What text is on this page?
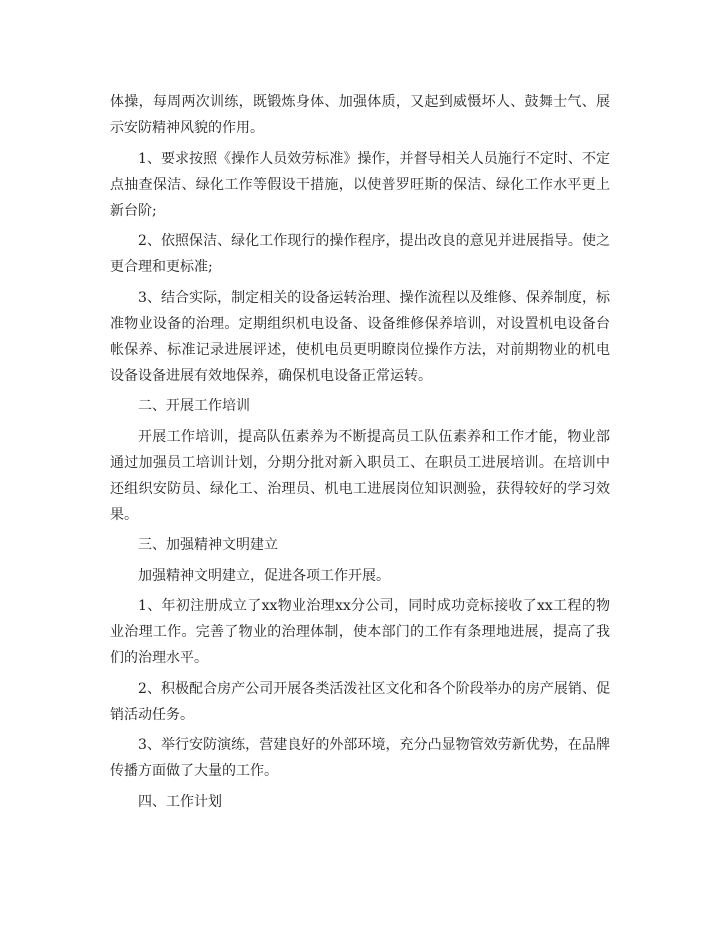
体操，每周两次训练，既锻炼身体、加强体质，又起到威慑坏人、鼓舞士气、展示安防精神风貌的作用。

1、要求按照《操作人员效劳标准》操作，并督导相关人员施行不定时、不定点抽查保洁、绿化工作等假设干措施，以使普罗旺斯的保洁、绿化工作水平更上新台阶;

2、依照保洁、绿化工作现行的操作程序，提出改良的意见并进展指导。使之更合理和更标准;

3、结合实际，制定相关的设备运转治理、操作流程以及维修、保养制度，标准物业设备的治理。定期组织机电设备、设备维修保养培训，对设置机电设备台帐保养、标准记录进展评述，使机电员更明瞭岗位操作方法，对前期物业的机电设备设备进展有效地保养，确保机电设备正常运转。

二、开展工作培训

开展工作培训，提高队伍素养为不断提高员工队伍素养和工作才能，物业部通过加强员工培训计划，分期分批对新入职员工、在职员工进展培训。在培训中还组织安防员、绿化工、治理员、机电工进展岗位知识测验，获得较好的学习效果。

三、加强精神文明建立

加强精神文明建立，促进各项工作开展。

1、年初注册成立了xx物业治理xx分公司，同时成功竞标接收了xx工程的物业治理工作。完善了物业的治理体制，使本部门的工作有条理地进展，提高了我们的治理水平。

2、积极配合房产公司开展各类活泼社区文化和各个阶段举办的房产展销、促销活动任务。

3、举行安防演练，营建良好的外部环境，充分凸显物管效劳新优势，在品牌传播方面做了大量的工作。

四、工作计划
